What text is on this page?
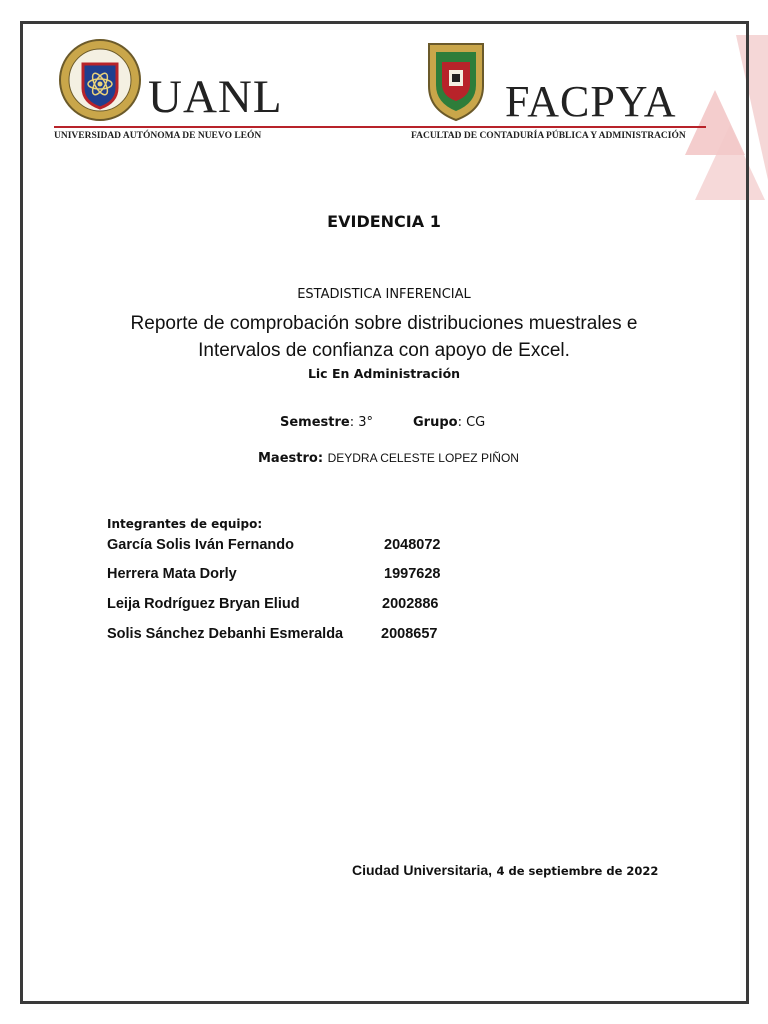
UANL
UNIVERSIDAD AUTÓNOMA DE NUEVO LEÓN
FACPYA
FACULTAD DE CONTADURÍA PÚBLICA Y ADMINISTRACIÓN
EVIDENCIA 1
ESTADISTICA INFERENCIAL
Reporte de comprobación sobre distribuciones muestrales e
Intervalos de confianza con apoyo de Excel.
Lic En Administración
Semestre: 3°	Grupo: CG
Maestro: DEYDRA CELESTE LOPEZ PIÑON
Integrantes de equipo:
García Solis Iván Fernando	2048072
Herrera Mata Dorly	1997628
Leija Rodríguez Bryan Eliud	2002886
Solis Sánchez Debanhi Esmeralda	2008657
Ciudad Universitaria, 4 de septiembre de 2022
